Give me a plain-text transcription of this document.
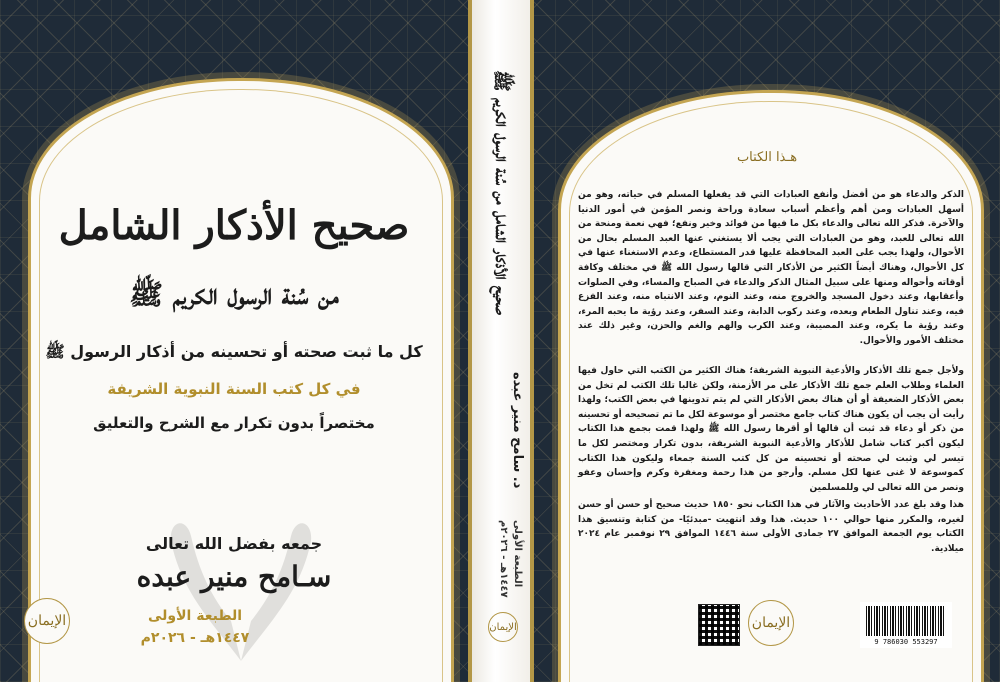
صحيح الأذكار الشامل
من سُنة الرسول الكريم ﷺ
كل ما ثبت صحته أو تحسينه من أذكار الرسول ﷺ
في كل كتب السنة النبوية الشريفة
مختصراً بدون تكرار مع الشرح والتعليق
جمعه بفضل الله تعالى
سـامح منير عبده
الطبعة الأولى
١٤٤٧هـ - ٢٠٢٦م
الإيمان
صحيح الأذكار الشامل من سُنة الرسول الكريم ﷺ
د. سامح منير عبده
الطبعة الأولى
١٤٤٧هـ - ٢٠٢٦م
الإيمان
هـذا الكتاب
الذكر والدعاء هو من أفضل وأنفع العبادات التي قد يفعلها المسلم في حياته، وهو من أسهل العبادات ومن أهم وأعظم أسباب سعادة وراحة ونصر المؤمن في أمور الدنيا والآخرة. فذكر الله تعالى والدعاء بكل ما فيها من فوائد وخير ونفع؛ فهي نعمة ومنحة من الله تعالى للعبد، وهو من العبادات التي يجب ألا يستغني عنها العبد المسلم بحال من الأحوال، ولهذا يجب على العبد المحافظة عليها قدر المستطاع، وعدم الاستغناء عنها في كل الأحوال، وهناك أيضاً الكثير من الأذكار التي قالها رسول الله ﷺ في مختلف وكافة أوقاته وأحواله ومنها على سبيل المثال الذكر والدعاء في الصباح والمساء، وفي الصلوات وأعقابها، وعند دخول المسجد والخروج منه، وعند النوم، وعند الانتباه منه، وعند الفزع فيه، وعند تناول الطعام وبعده، وعند ركوب الدابة، وعند السفر، وعند رؤية ما يحبه المرء، وعند رؤية ما يكره، وعند المصيبة، وعند الكرب والهم والغم والحزن، وغير ذلك عند مختلف الأمور والأحوال.
ولأجل جمع تلك الأذكار والأدعية النبوية الشريفة؛ هناك الكثير من الكتب التي حاول فيها العلماء وطلاب العلم جمع تلك الأذكار على مر الأزمنة، ولكن غالبا تلك الكتب لم تخل من بعض الأذكار الضعيفة أو أن هناك بعض الأذكار التي لم يتم تدوينها في بعض الكتب؛ ولهذا رأيت أن يجب أن يكون هناك كتاب جامع مختصر أو موسوعة لكل ما تم تصحيحه أو تحسينه من ذكر أو دعاء قد ثبت أن قالها أو أقرها رسول الله ﷺ ولهذا قمت بجمع هذا الكتاب ليكون أكبر كتاب شامل للأذكار والأدعية النبوية الشريفة، بدون تكرار ومختصر لكل ما تيسر لي وثبت لي صحته أو تحسينه من كل كتب السنة جمعاء وليكون هذا الكتاب كموسوعة لا غنى عنها لكل مسلم. وأرجو من هذا رحمة ومغفرة وكرم وإحسان وعفو ونصر من الله تعالى لي وللمسلمين
هذا وقد بلغ عدد الأحاديث والآثار في هذا الكتاب نحو ١٨٥٠ حديث صحيح أو حسن أو حسن لغيره، والمكرر منها حوالي ١٠٠ حديث. هذا وقد انتهيت -مبدئيًا- من كتابة وتنسيق هذا الكتاب يوم الجمعة الموافق ٢٧ جمادى الأولى سنة ١٤٤٦ الموافق ٢٩ نوفمبر عام ٢٠٢٤ ميلادية.
الإيمان
9 786030 553297
